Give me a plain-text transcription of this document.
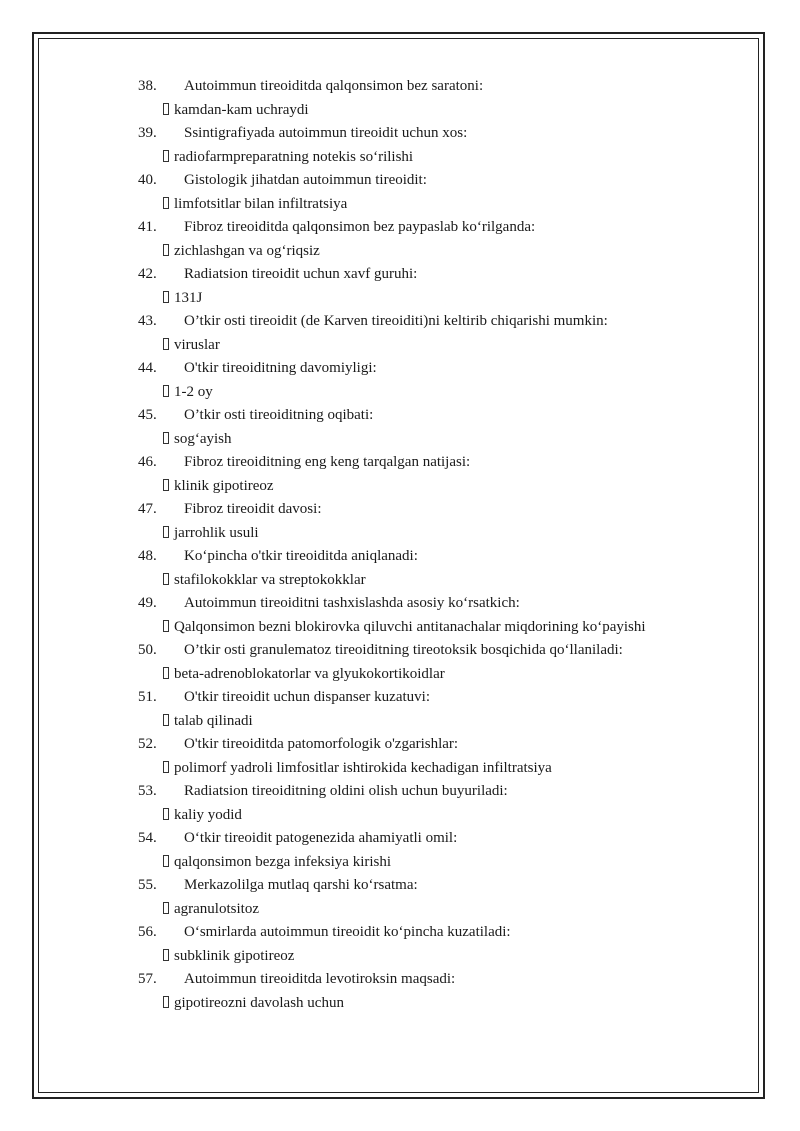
38.	Autoimmun tireoiditda qalqonsimon bez saratoni:
kamdan-kam uchraydi
39.	Ssintigrafiyada autoimmun tireoidit uchun xos:
radiofarmpreparatning notekis so‘rilishi
40.	Gistologik jihatdan autoimmun tireoidit:
limfotsitlar bilan infiltratsiya
41.	Fibroz tireoiditda qalqonsimon bez paypaslab ko‘rilganda:
zichlashgan va og‘riqsiz
42.	Radiatsion tireoidit uchun xavf guruhi:
131J
43.	O’tkir osti tireoidit (de Karven tireoiditi)ni keltirib chiqarishi mumkin:
viruslar
44.	O'tkir tireoiditning davomiyligi:
1-2 oy
45.	O’tkir osti tireoiditning oqibati:
sog‘ayish
46.	Fibroz tireoiditning eng keng tarqalgan natijasi:
klinik gipotireoz
47.	Fibroz tireoidit davosi:
jarrohlik usuli
48.	Ko‘pincha o'tkir tireoiditda aniqlanadi:
stafilokokklar va streptokokklar
49.	Autoimmun tireoiditni tashxislashda asosiy ko‘rsatkich:
Qalqonsimon bezni blokirovka qiluvchi antitanachalar miqdorining ko‘payishi
50.	O’tkir osti granulematoz tireoiditning tireotoksik bosqichida qo‘llaniladi:
beta-adrenoblokatorlar va glyukokortikoidlar
51.	O'tkir tireoidit uchun dispanser kuzatuvi:
talab qilinadi
52.	O'tkir tireoiditda patomorfologik o'zgarishlar:
polimorf yadroli limfositlar ishtirokida kechadigan infiltratsiya
53.	Radiatsion tireoiditning oldini olish uchun buyuriladi:
kaliy yodid
54.	O‘tkir tireoidit patogenezida ahamiyatli omil:
qalqonsimon bezga infeksiya kirishi
55.	Merkazolilga mutlaq qarshi ko‘rsatma:
agranulotsitoz
56.	O‘smirlarda autoimmun tireoidit ko‘pincha kuzatiladi:
subklinik gipotireoz
57.	Autoimmun tireoiditda levotiroksin maqsadi:
gipotireozni davolash uchun
